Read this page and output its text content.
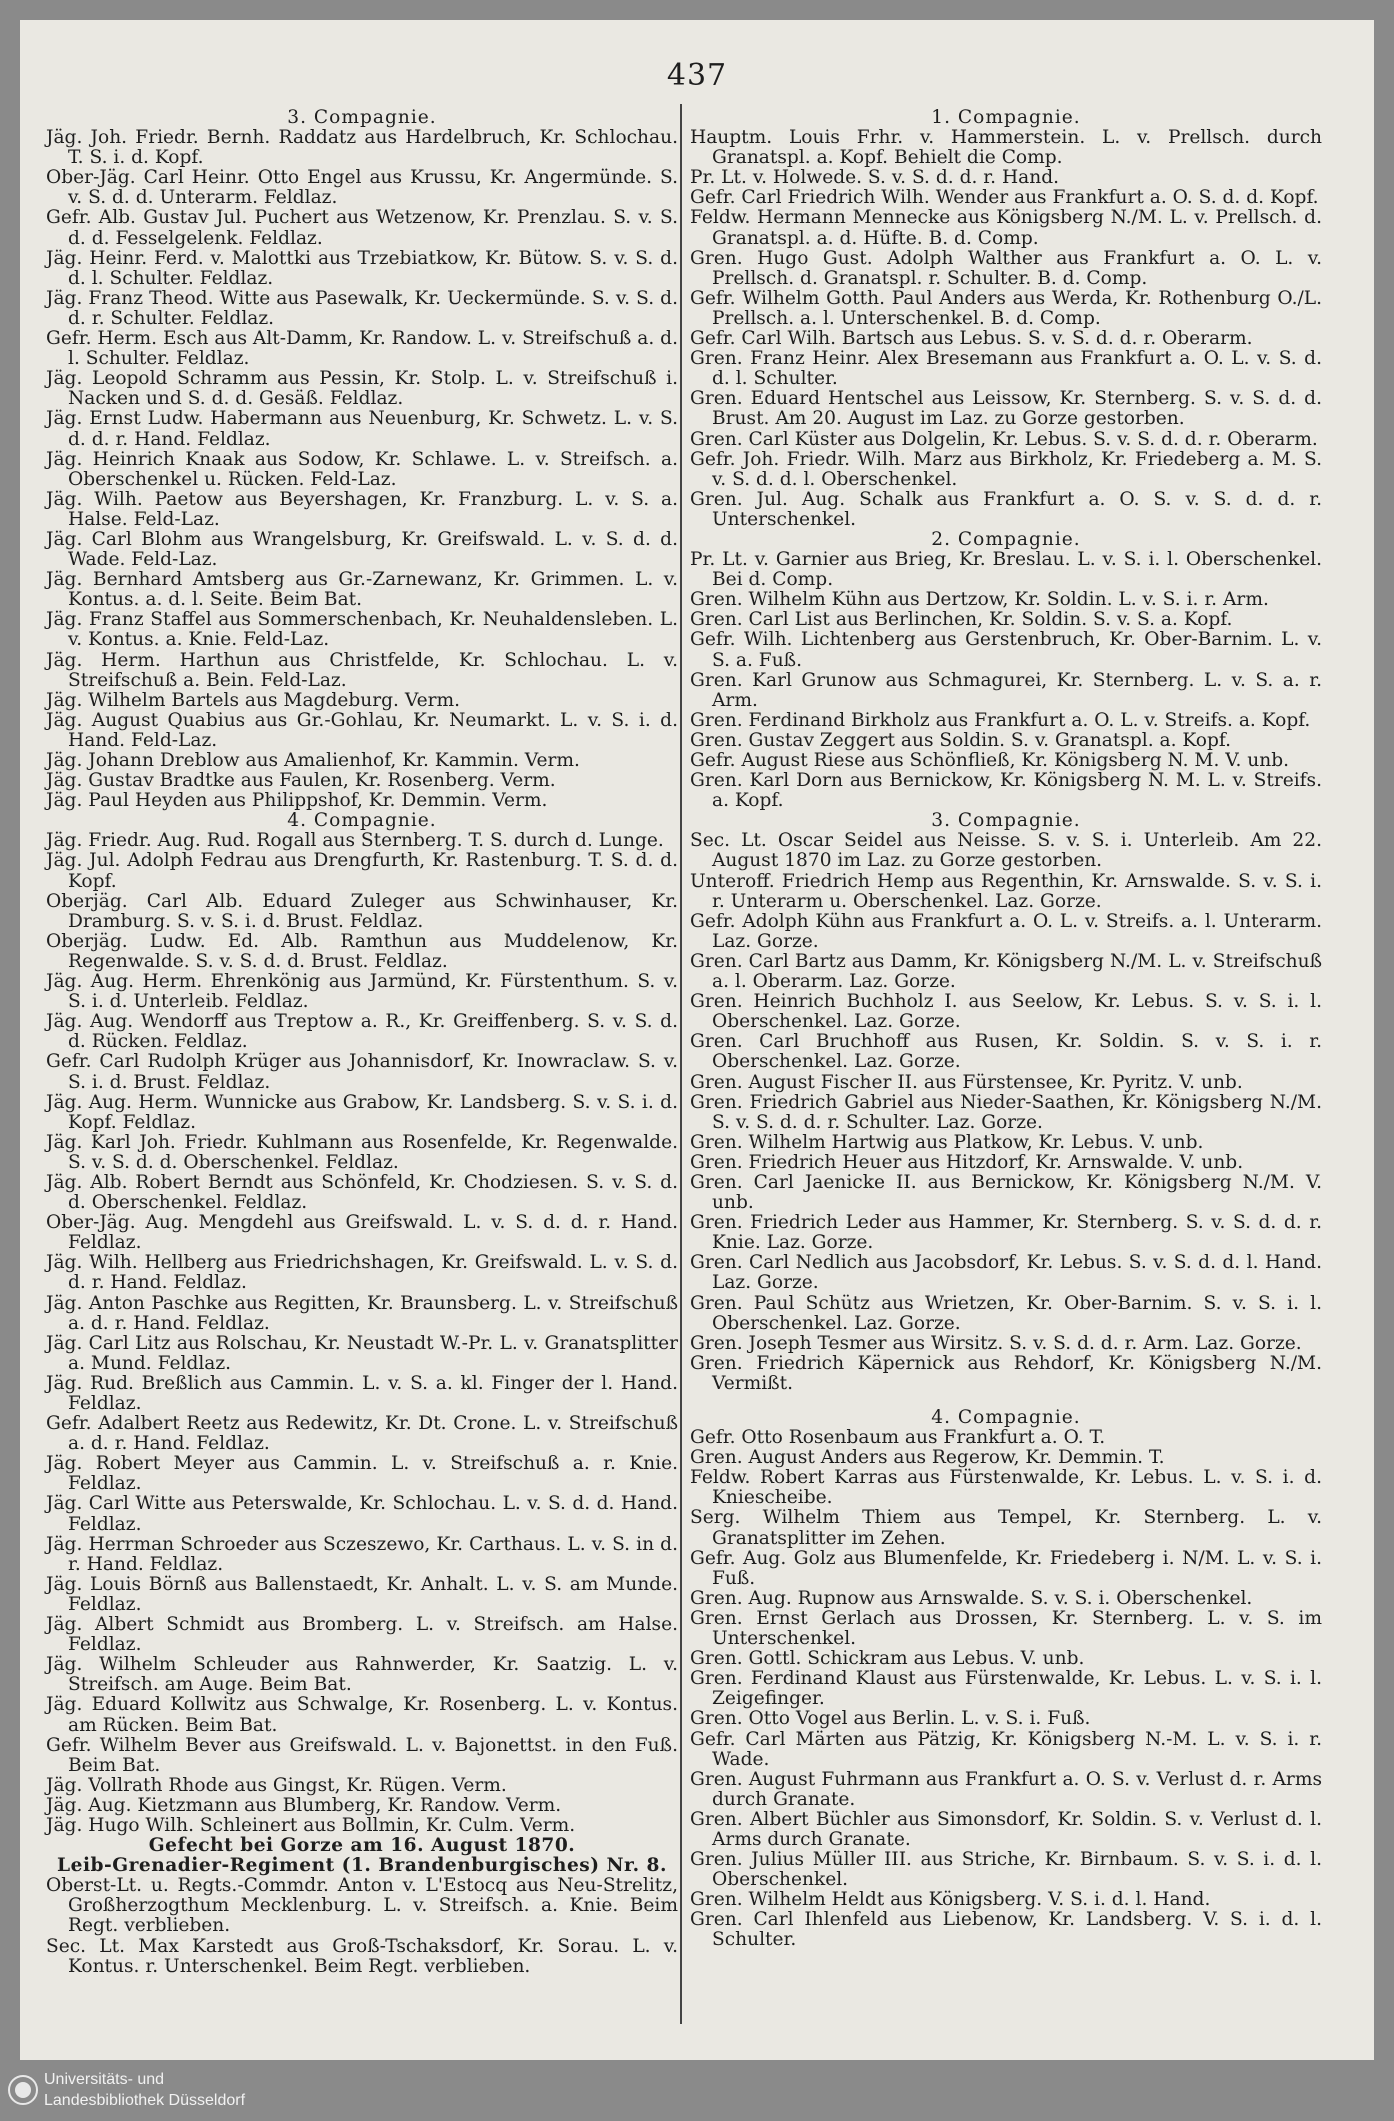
437
3. Compagnie.
Jäg. Joh. Friedr. Bernh. Raddatz aus Hardelbruch, Kr. Schlochau. T. S. i. d. Kopf.
Ober-Jäg. Carl Heinr. Otto Engel aus Krussu, Kr. Angermünde. S. v. S. d. d. Unterarm. Feldlaz.
Gefr. Alb. Gustav Jul. Puchert aus Wetzenow, Kr. Prenzlau. S. v. S. d. d. Fesselgelenk. Feldlaz.
Jäg. Heinr. Ferd. v. Malottki aus Trzebiatkow, Kr. Bütow. S. v. S. d. d. l. Schulter. Feldlaz.
Jäg. Franz Theod. Witte aus Pasewalk, Kr. Ueckermünde. S. v. S. d. d. r. Schulter. Feldlaz.
Gefr. Herm. Esch aus Alt-Damm, Kr. Randow. L. v. Streifschuß a. d. l. Schulter. Feldlaz.
Jäg. Leopold Schramm aus Pessin, Kr. Stolp. L. v. Streifschuß i. Nacken und S. d. d. Gesäß. Feldlaz.
Jäg. Ernst Ludw. Habermann aus Neuenburg, Kr. Schwetz. L. v. S. d. d. r. Hand. Feldlaz.
Jäg. Heinrich Knaak aus Sodow, Kr. Schlawe. L. v. Streifsch. a. Oberschenkel u. Rücken. Feld-Laz.
Jäg. Wilh. Paetow aus Beyershagen, Kr. Franzburg. L. v. S. a. Halse. Feld-Laz.
Jäg. Carl Blohm aus Wrangelsburg, Kr. Greifswald. L. v. S. d. d. Wade. Feld-Laz.
Jäg. Bernhard Amtsberg aus Gr.-Zarnewanz, Kr. Grimmen. L. v. Kontus. a. d. l. Seite. Beim Bat.
Jäg. Franz Staffel aus Sommerschenbach, Kr. Neuhaldensleben. L. v. Kontus. a. Knie. Feld-Laz.
Jäg. Herm. Harthun aus Christfelde, Kr. Schlochau. L. v. Streifschuß a. Bein. Feld-Laz.
Jäg. Wilhelm Bartels aus Magdeburg. Verm.
Jäg. August Quabius aus Gr.-Gohlau, Kr. Neumarkt. L. v. S. i. d. Hand. Feld-Laz.
Jäg. Johann Dreblow aus Amalienhof, Kr. Kammin. Verm.
Jäg. Gustav Bradtke aus Faulen, Kr. Rosenberg. Verm.
Jäg. Paul Heyden aus Philippshof, Kr. Demmin. Verm.
4. Compagnie.
Jäg. Friedr. Aug. Rud. Rogall aus Sternberg. T. S. durch d. Lunge.
Jäg. Jul. Adolph Fedrau aus Drengfurth, Kr. Rastenburg. T. S. d. d. Kopf.
Oberjäg. Carl Alb. Eduard Zuleger aus Schwinhauser, Kr. Dramburg. S. v. S. i. d. Brust. Feldlaz.
Oberjäg. Ludw. Ed. Alb. Ramthun aus Muddelenow, Kr. Regenwalde. S. v. S. d. d. Brust. Feldlaz.
Jäg. Aug. Herm. Ehrenkönig aus Jarmünd, Kr. Fürstenthum. S. v. S. i. d. Unterleib. Feldlaz.
Jäg. Aug. Wendorff aus Treptow a. R., Kr. Greiffenberg. S. v. S. d. d. Rücken. Feldlaz.
Gefr. Carl Rudolph Krüger aus Johannisdorf, Kr. Inowraclaw. S. v. S. i. d. Brust. Feldlaz.
Jäg. Aug. Herm. Wunnicke aus Grabow, Kr. Landsberg. S. v. S. i. d. Kopf. Feldlaz.
Jäg. Karl Joh. Friedr. Kuhlmann aus Rosenfelde, Kr. Regenwalde. S. v. S. d. d. Oberschenkel. Feldlaz.
Jäg. Alb. Robert Berndt aus Schönfeld, Kr. Chodziesen. S. v. S. d. d. Oberschenkel. Feldlaz.
Ober-Jäg. Aug. Mengdehl aus Greifswald. L. v. S. d. d. r. Hand. Feldlaz.
Jäg. Wilh. Hellberg aus Friedrichshagen, Kr. Greifswald. L. v. S. d. d. r. Hand. Feldlaz.
Jäg. Anton Paschke aus Regitten, Kr. Braunsberg. L. v. Streifschuß a. d. r. Hand. Feldlaz.
Jäg. Carl Litz aus Rolschau, Kr. Neustadt W.-Pr. L. v. Granatsplitter a. Mund. Feldlaz.
Jäg. Rud. Breßlich aus Cammin. L. v. S. a. kl. Finger der l. Hand. Feldlaz.
Gefr. Adalbert Reetz aus Redewitz, Kr. Dt. Crone. L. v. Streifschuß a. d. r. Hand. Feldlaz.
Jäg. Robert Meyer aus Cammin. L. v. Streifschuß a. r. Knie. Feldlaz.
Jäg. Carl Witte aus Peterswalde, Kr. Schlochau. L. v. S. d. d. Hand. Feldlaz.
Jäg. Herrman Schroeder aus Sczeszewo, Kr. Carthaus. L. v. S. in d. r. Hand. Feldlaz.
Jäg. Louis Börnß aus Ballenstaedt, Kr. Anhalt. L. v. S. am Munde. Feldlaz.
Jäg. Albert Schmidt aus Bromberg. L. v. Streifsch. am Halse. Feldlaz.
Jäg. Wilhelm Schleuder aus Rahnwerder, Kr. Saatzig. L. v. Streifsch. am Auge. Beim Bat.
Jäg. Eduard Kollwitz aus Schwalge, Kr. Rosenberg. L. v. Kontus. am Rücken. Beim Bat.
Gefr. Wilhelm Bever aus Greifswald. L. v. Bajonettst. in den Fuß. Beim Bat.
Jäg. Vollrath Rhode aus Gingst, Kr. Rügen. Verm.
Jäg. Aug. Kietzmann aus Blumberg, Kr. Randow. Verm.
Jäg. Hugo Wilh. Schleinert aus Bollmin, Kr. Culm. Verm.
Gefecht bei Gorze am 16. August 1870.
Leib-Grenadier-Regiment (1. Brandenburgisches) Nr. 8.
Oberst-Lt. u. Regts.-Commdr. Anton v. L'Estocq aus Neu-Strelitz, Großherzogthum Mecklenburg. L. v. Streifsch. a. Knie. Beim Regt. verblieben.
Sec. Lt. Max Karstedt aus Groß-Tschaksdorf, Kr. Sorau. L. v. Kontus. r. Unterschenkel. Beim Regt. verblieben.
1. Compagnie.
Hauptm. Louis Frhr. v. Hammerstein. L. v. Prellsch. durch Granatspl. a. Kopf. Behielt die Comp.
Pr. Lt. v. Holwede. S. v. S. d. d. r. Hand.
Gefr. Carl Friedrich Wilh. Wender aus Frankfurt a. O. S. d. d. Kopf.
Feldw. Hermann Mennecke aus Königsberg N./M. L. v. Prellsch. d. Granatspl. a. d. Hüfte. B. d. Comp.
Gren. Hugo Gust. Adolph Walther aus Frankfurt a. O. L. v. Prellsch. d. Granatspl. r. Schulter. B. d. Comp.
Gefr. Wilhelm Gotth. Paul Anders aus Werda, Kr. Rothenburg O./L. Prellsch. a. l. Unterschenkel. B. d. Comp.
Gefr. Carl Wilh. Bartsch aus Lebus. S. v. S. d. d. r. Oberarm.
Gren. Franz Heinr. Alex Bresemann aus Frankfurt a. O. L. v. S. d. d. l. Schulter.
Gren. Eduard Hentschel aus Leissow, Kr. Sternberg. S. v. S. d. d. Brust. Am 20. August im Laz. zu Gorze gestorben.
Gren. Carl Küster aus Dolgelin, Kr. Lebus. S. v. S. d. d. r. Oberarm.
Gefr. Joh. Friedr. Wilh. Marz aus Birkholz, Kr. Friedeberg a. M. S. v. S. d. d. l. Oberschenkel.
Gren. Jul. Aug. Schalk aus Frankfurt a. O. S. v. S. d. d. r. Unterschenkel.
2. Compagnie.
Pr. Lt. v. Garnier aus Brieg, Kr. Breslau. L. v. S. i. l. Oberschenkel. Bei d. Comp.
Gren. Wilhelm Kühn aus Dertzow, Kr. Soldin. L. v. S. i. r. Arm.
Gren. Carl List aus Berlinchen, Kr. Soldin. S. v. S. a. Kopf.
Gefr. Wilh. Lichtenberg aus Gerstenbruch, Kr. Ober-Barnim. L. v. S. a. Fuß.
Gren. Karl Grunow aus Schmagurei, Kr. Sternberg. L. v. S. a. r. Arm.
Gren. Ferdinand Birkholz aus Frankfurt a. O. L. v. Streifs. a. Kopf.
Gren. Gustav Zeggert aus Soldin. S. v. Granatspl. a. Kopf.
Gefr. August Riese aus Schönfließ, Kr. Königsberg N. M. V. unb.
Gren. Karl Dorn aus Bernickow, Kr. Königsberg N. M. L. v. Streifs. a. Kopf.
3. Compagnie.
Sec. Lt. Oscar Seidel aus Neisse. S. v. S. i. Unterleib. Am 22. August 1870 im Laz. zu Gorze gestorben.
Unteroff. Friedrich Hemp aus Regenthin, Kr. Arnswalde. S. v. S. i. r. Unterarm u. Oberschenkel. Laz. Gorze.
Gefr. Adolph Kühn aus Frankfurt a. O. L. v. Streifs. a. l. Unterarm. Laz. Gorze.
Gren. Carl Bartz aus Damm, Kr. Königsberg N./M. L. v. Streifschuß a. l. Oberarm. Laz. Gorze.
Gren. Heinrich Buchholz I. aus Seelow, Kr. Lebus. S. v. S. i. l. Oberschenkel. Laz. Gorze.
Gren. Carl Bruchhoff aus Rusen, Kr. Soldin. S. v. S. i. r. Oberschenkel. Laz. Gorze.
Gren. August Fischer II. aus Fürstensee, Kr. Pyritz. V. unb.
Gren. Friedrich Gabriel aus Nieder-Saathen, Kr. Königsberg N./M. S. v. S. d. d. r. Schulter. Laz. Gorze.
Gren. Wilhelm Hartwig aus Platkow, Kr. Lebus. V. unb.
Gren. Friedrich Heuer aus Hitzdorf, Kr. Arnswalde. V. unb.
Gren. Carl Jaenicke II. aus Bernickow, Kr. Königsberg N./M. V. unb.
Gren. Friedrich Leder aus Hammer, Kr. Sternberg. S. v. S. d. d. r. Knie. Laz. Gorze.
Gren. Carl Nedlich aus Jacobsdorf, Kr. Lebus. S. v. S. d. d. l. Hand. Laz. Gorze.
Gren. Paul Schütz aus Wrietzen, Kr. Ober-Barnim. S. v. S. i. l. Oberschenkel. Laz. Gorze.
Gren. Joseph Tesmer aus Wirsitz. S. v. S. d. d. r. Arm. Laz. Gorze.
Gren. Friedrich Käpernick aus Rehdorf, Kr. Königsberg N./M. Vermißt.
4. Compagnie.
Gefr. Otto Rosenbaum aus Frankfurt a. O. T.
Gren. August Anders aus Regerow, Kr. Demmin. T.
Feldw. Robert Karras aus Fürstenwalde, Kr. Lebus. L. v. S. i. d. Kniescheibe.
Serg. Wilhelm Thiem aus Tempel, Kr. Sternberg. L. v. Granatsplitter im Zehen.
Gefr. Aug. Golz aus Blumenfelde, Kr. Friedeberg i. N/M. L. v. S. i. Fuß.
Gren. Aug. Rupnow aus Arnswalde. S. v. S. i. Oberschenkel.
Gren. Ernst Gerlach aus Drossen, Kr. Sternberg. L. v. S. im Unterschenkel.
Gren. Gottl. Schickram aus Lebus. V. unb.
Gren. Ferdinand Klaust aus Fürstenwalde, Kr. Lebus. L. v. S. i. l. Zeigefinger.
Gren. Otto Vogel aus Berlin. L. v. S. i. Fuß.
Gefr. Carl Märten aus Pätzig, Kr. Königsberg N.-M. L. v. S. i. r. Wade.
Gren. August Fuhrmann aus Frankfurt a. O. S. v. Verlust d. r. Arms durch Granate.
Gren. Albert Büchler aus Simonsdorf, Kr. Soldin. S. v. Verlust d. l. Arms durch Granate.
Gren. Julius Müller III. aus Striche, Kr. Birnbaum. S. v. S. i. d. l. Oberschenkel.
Gren. Wilhelm Heldt aus Königsberg. V. S. i. d. l. Hand.
Gren. Carl Ihlenfeld aus Liebenow, Kr. Landsberg. V. S. i. d. l. Schulter.
Universitäts- und
Landesbibliothek Düsseldorf
